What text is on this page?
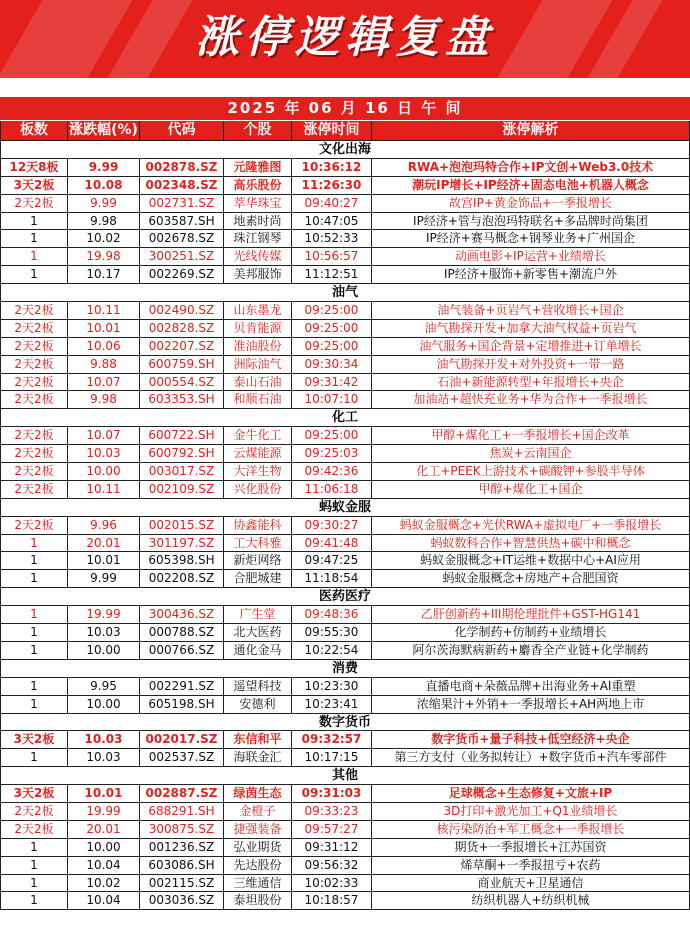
涨停逻辑复盘
2025 年 06 月 16 日 午 间
板数	涨跌幅(%)	代码	个股	涨停时间	涨停解析
文化出海
12天8板	9.99	002878.SZ	元隆雅图	10:36:12	RWA+泡泡玛特合作+IP文创+Web3.0技术
3天2板	10.08	002348.SZ	高乐股份	11:26:30	潮玩IP增长+IP经济+固态电池+机器人概念
2天2板	9.99	002731.SZ	萃华珠宝	09:40:27	故宫IP+黄金饰品+一季报增长
1	9.98	603587.SH	地素时尚	10:47:05	IP经济+管与泡泡玛特联名+多品牌时尚集团
1	10.02	002678.SZ	珠江钢琴	10:52:33	IP经济+赛马概念+钢琴业务+广州国企
1	19.98	300251.SZ	光线传媒	10:56:57	动画电影+IP运营+业绩增长
1	10.17	002269.SZ	美邦服饰	11:12:51	IP经济+服饰+新零售+潮流户外
油气
2天2板	10.11	002490.SZ	山东墨龙	09:25:00	油气装备+页岩气+营收增长+国企
2天2板	10.01	002828.SZ	贝肯能源	09:25:00	油气勘探开发+加拿大油气权益+页岩气
2天2板	10.06	002207.SZ	准油股份	09:25:00	油气服务+国企背景+定增推进+订单增长
2天2板	9.88	600759.SH	洲际油气	09:30:34	油气勘探开发+对外投资+一带一路
2天2板	10.07	000554.SZ	泰山石油	09:31:42	石油+新能源转型+年报增长+央企
2天2板	9.98	603353.SH	和顺石油	10:07:10	加油站+超快充业务+华为合作+一季报增长
化工
2天2板	10.07	600722.SH	金牛化工	09:25:00	甲醇+煤化工+一季报增长+国企改革
2天2板	10.03	600792.SH	云煤能源	09:25:03	焦炭+云南国企
2天2板	10.00	003017.SZ	大洋生物	09:42:36	化工+PEEK上游技术+碳酸钾+参股半导体
2天2板	10.11	002109.SZ	兴化股份	11:06:18	甲醇+煤化工+国企
蚂蚁金服
2天2板	9.96	002015.SZ	协鑫能科	09:30:27	蚂蚁金服概念+光伏RWA+虚拟电厂+一季报增长
1	20.01	301197.SZ	工大科雅	09:41:48	蚂蚁数科合作+智慧供热+碳中和概念
1	10.01	605398.SH	新炬网络	09:47:25	蚂蚁金服概念+IT运维+数据中心+AI应用
1	9.99	002208.SZ	合肥城建	11:18:54	蚂蚁金服概念+房地产+合肥国资
医药医疗
1	19.99	300436.SZ	广生堂	09:48:36	乙肝创新药+III期伦理批件+GST-HG141
1	10.03	000788.SZ	北大医药	09:55:30	化学制药+仿制药+业绩增长
1	10.00	000766.SZ	通化金马	10:22:54	阿尔茨海默病新药+麝香全产业链+化学制药
消费
1	9.95	002291.SZ	遥望科技	10:23:30	直播电商+朵薇品牌+出海业务+AI重塑
1	10.00	605198.SH	安德利	10:23:41	浓缩果汁+外销+一季报增长+AH两地上市
数字货币
3天2板	10.03	002017.SZ	东信和平	09:32:57	数字货币+量子科技+低空经济+央企
1	10.03	002537.SZ	海联金汇	10:17:15	第三方支付（业务拟转让）+数字货币+汽车零部件
其他
3天2板	10.01	002887.SZ	绿茵生态	09:31:03	足球概念+生态修复+文旅+IP
2天2板	19.99	688291.SH	金橙子	09:33:23	3D打印+激光加工+Q1业绩增长
2天2板	20.01	300875.SZ	捷强装备	09:57:27	核污染防治+军工概念+一季报增长
1	10.00	001236.SZ	弘业期货	09:31:12	期货+一季报增长+江苏国资
1	10.04	603086.SH	先达股份	09:56:32	烯草酮+一季报扭亏+农药
1	10.02	002115.SZ	三维通信	10:02:33	商业航天+卫星通信
1	10.04	003036.SZ	泰坦股份	10:18:57	纺织机器人+纺织机械
